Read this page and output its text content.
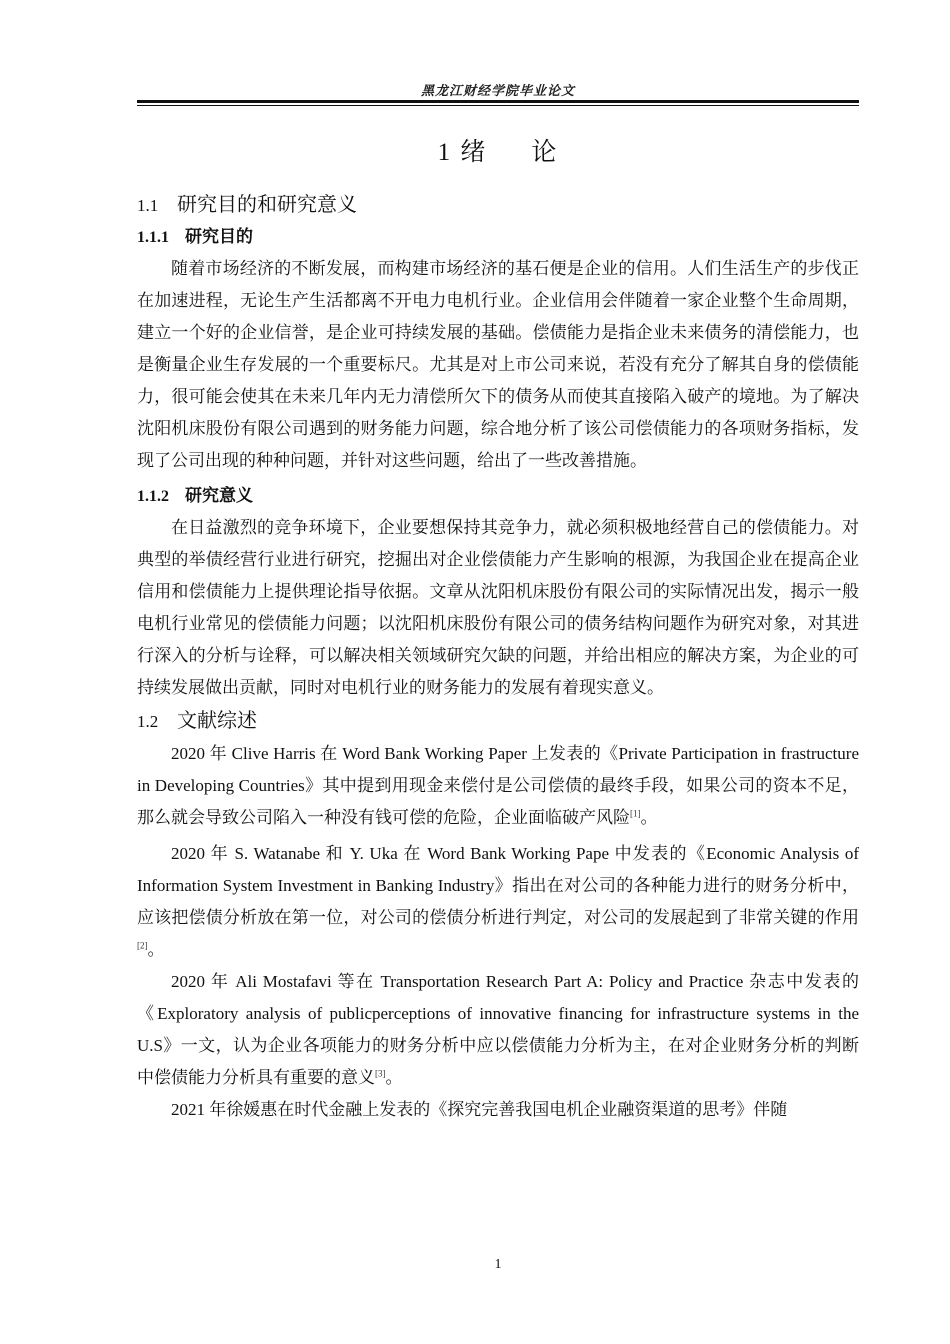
黑龙江财经学院毕业论文
1 绪 论
1.1 研究目的和研究意义
1.1.1 研究目的

随着市场经济的不断发展，而构建市场经济的基石便是企业的信用。人们生活生产的步伐正在加速进程，无论生产生活都离不开电力电机行业。企业信用会伴随着一家企业整个生命周期，建立一个好的企业信誉，是企业可持续发展的基础。偿债能力是指企业未来债务的清偿能力，也是衡量企业生存发展的一个重要标尺。尤其是对上市公司来说，若没有充分了解其自身的偿债能力，很可能会使其在未来几年内无力清偿所欠下的债务从而使其直接陷入破产的境地。为了解决沈阳机床股份有限公司遇到的财务能力问题，综合地分析了该公司偿债能力的各项财务指标，发现了公司出现的种种问题，并针对这些问题，给出了一些改善措施。

1.1.2 研究意义

在日益激烈的竞争环境下，企业要想保持其竞争力，就必须积极地经营自己的偿债能力。对典型的举债经营行业进行研究，挖掘出对企业偿债能力产生影响的根源，为我国企业在提高企业信用和偿债能力上提供理论指导依据。文章从沈阳机床股份有限公司的实际情况出发，揭示一般电机行业常见的偿债能力问题；以沈阳机床股份有限公司的债务结构问题作为研究对象，对其进行深入的分析与诠释，可以解决相关领域研究欠缺的问题，并给出相应的解决方案，为企业的可持续发展做出贡献，同时对电机行业的财务能力的发展有着现实意义。

1.2 文献综述

2020 年 Clive Harris 在 Word Bank Working Paper 上发表的《Private Participation in frastructure in Developing Countries》其中提到用现金来偿付是公司偿债的最终手段，如果公司的资本不足，那么就会导致公司陷入一种没有钱可偿的危险，企业面临破产风险[1]。

2020 年 S. Watanabe 和 Y. Uka 在 Word Bank Working Pape 中发表的《Economic Analysis of Information System Investment in Banking Industry》指出在对公司的各种能力进行的财务分析中，应该把偿债分析放在第一位，对公司的偿债分析进行判定，对公司的发展起到了非常关键的作用[2]。

2020 年 Ali Mostafavi 等在 Transportation Research Part A: Policy and Practice 杂志中发表的《Exploratory analysis of publicperceptions of innovative financing for infrastructure systems in the U.S》一文，认为企业各项能力的财务分析中应以偿债能力分析为主，在对企业财务分析的判断中偿债能力分析具有重要的意义[3]。

2021 年徐媛惠在时代金融上发表的《探究完善我国电机企业融资渠道的思考》伴随

1
